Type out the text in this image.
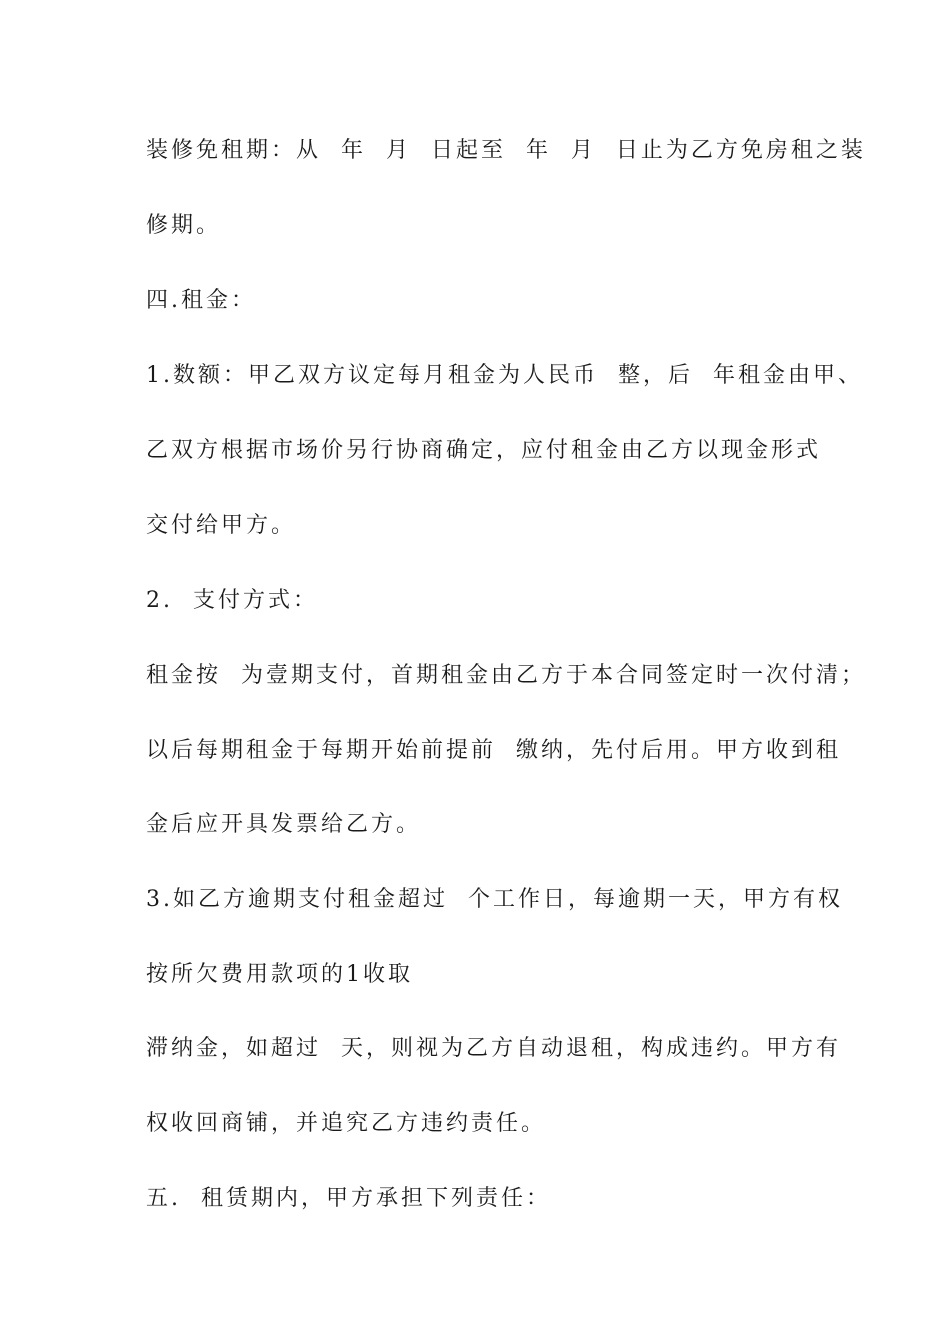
装修免租期：从  年  月  日起至  年  月  日止为乙方免房租之装
修期。
四.租金：
1.数额：甲乙双方议定每月租金为人民币  整，后  年租金由甲、
乙双方根据市场价另行协商确定，应付租金由乙方以现金形式
交付给甲方。
2.  支付方式：
租金按  为壹期支付，首期租金由乙方于本合同签定时一次付清；
以后每期租金于每期开始前提前  缴纳，先付后用。甲方收到租
金后应开具发票给乙方。
3.如乙方逾期支付租金超过  个工作日，每逾期一天，甲方有权
按所欠费用款项的1收取
滞纳金，如超过  天，则视为乙方自动退租，构成违约。甲方有
权收回商铺，并追究乙方违约责任。
五.  租赁期内，甲方承担下列责任：
